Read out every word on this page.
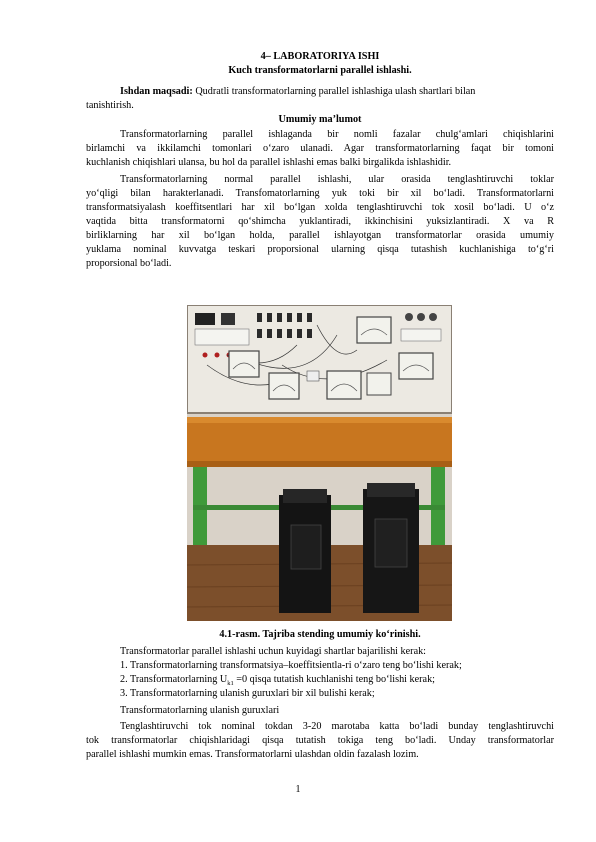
4– LABORATORIYA ISHI
Kuch transformatorlarni parallel ishlashi.
Ishdan maqsadi: Qudratli transformatorlarning parallel ishlashiga ulash shartlari bilan
tanishtirish.
Umumiy ma’lumot
Transformatorlarning parallel ishlaganda bir nomli fazalar chulg‘amlari chiqishlarini
birlamchi va ikkilamchi tomonlari o‘zaro ulanadi. Agar transformatorlarning faqat bir tomoni
kuchlanish chiqishlari ulansa, bu hol da parallel ishlashi emas balki birgalikda ishlashidir.
Transformatorlarning normal parallel ishlashi, ular orasida tenglashtiruvchi toklar
yo‘qligi bilan harakterlanadi. Transfomatorlarning yuk toki bir xil bo‘ladi. Transformatorlarni
transformatsiyalash koeffitsentlari har xil bo‘lgan xolda tenglashtiruvchi tok xosil bo‘ladi. U o‘z
vaqtida bitta transformatorni qo‘shimcha yuklantiradi, ikkinchisini yuksizlantiradi. X va R
birliklarning har xil bo‘lgan holda, parallel ishlayotgan transformatorlar orasida umumiy
yuklama nominal kuvvatga teskari proporsional ularning qisqa tutashish kuchlanishiga to‘g‘ri
proporsional bo‘ladi.
4.1-rasm. Tajriba stending umumiy ko‘rinishi.
Transformatorlar parallel ishlashi uchun kuyidagi shartlar bajarilishi kerak:
1. Transformatorlarning transformatsiya–koeffitsientla-ri o‘zaro teng bo‘lishi kerak;
2. Transformatorlarning $U_{k1} =0$ qisqa tutatish kuchlanishi teng bo‘lishi kerak;
3. Transformatorlarning ulanish guruxlari bir xil bulishi kerak;
Transformatorlarning ulanish guruxlari
Tenglashtiruvchi tok nominal tokdan 3-20 marotaba katta bo‘ladi bunday tenglashtiruvchi
tok transformatorlar chiqishlaridagi qisqa tutatish tokiga teng bo‘ladi. Unday transformatorlar
parallel ishlashi mumkin emas. Transformatorlarni ulashdan oldin fazalash lozim.
1
